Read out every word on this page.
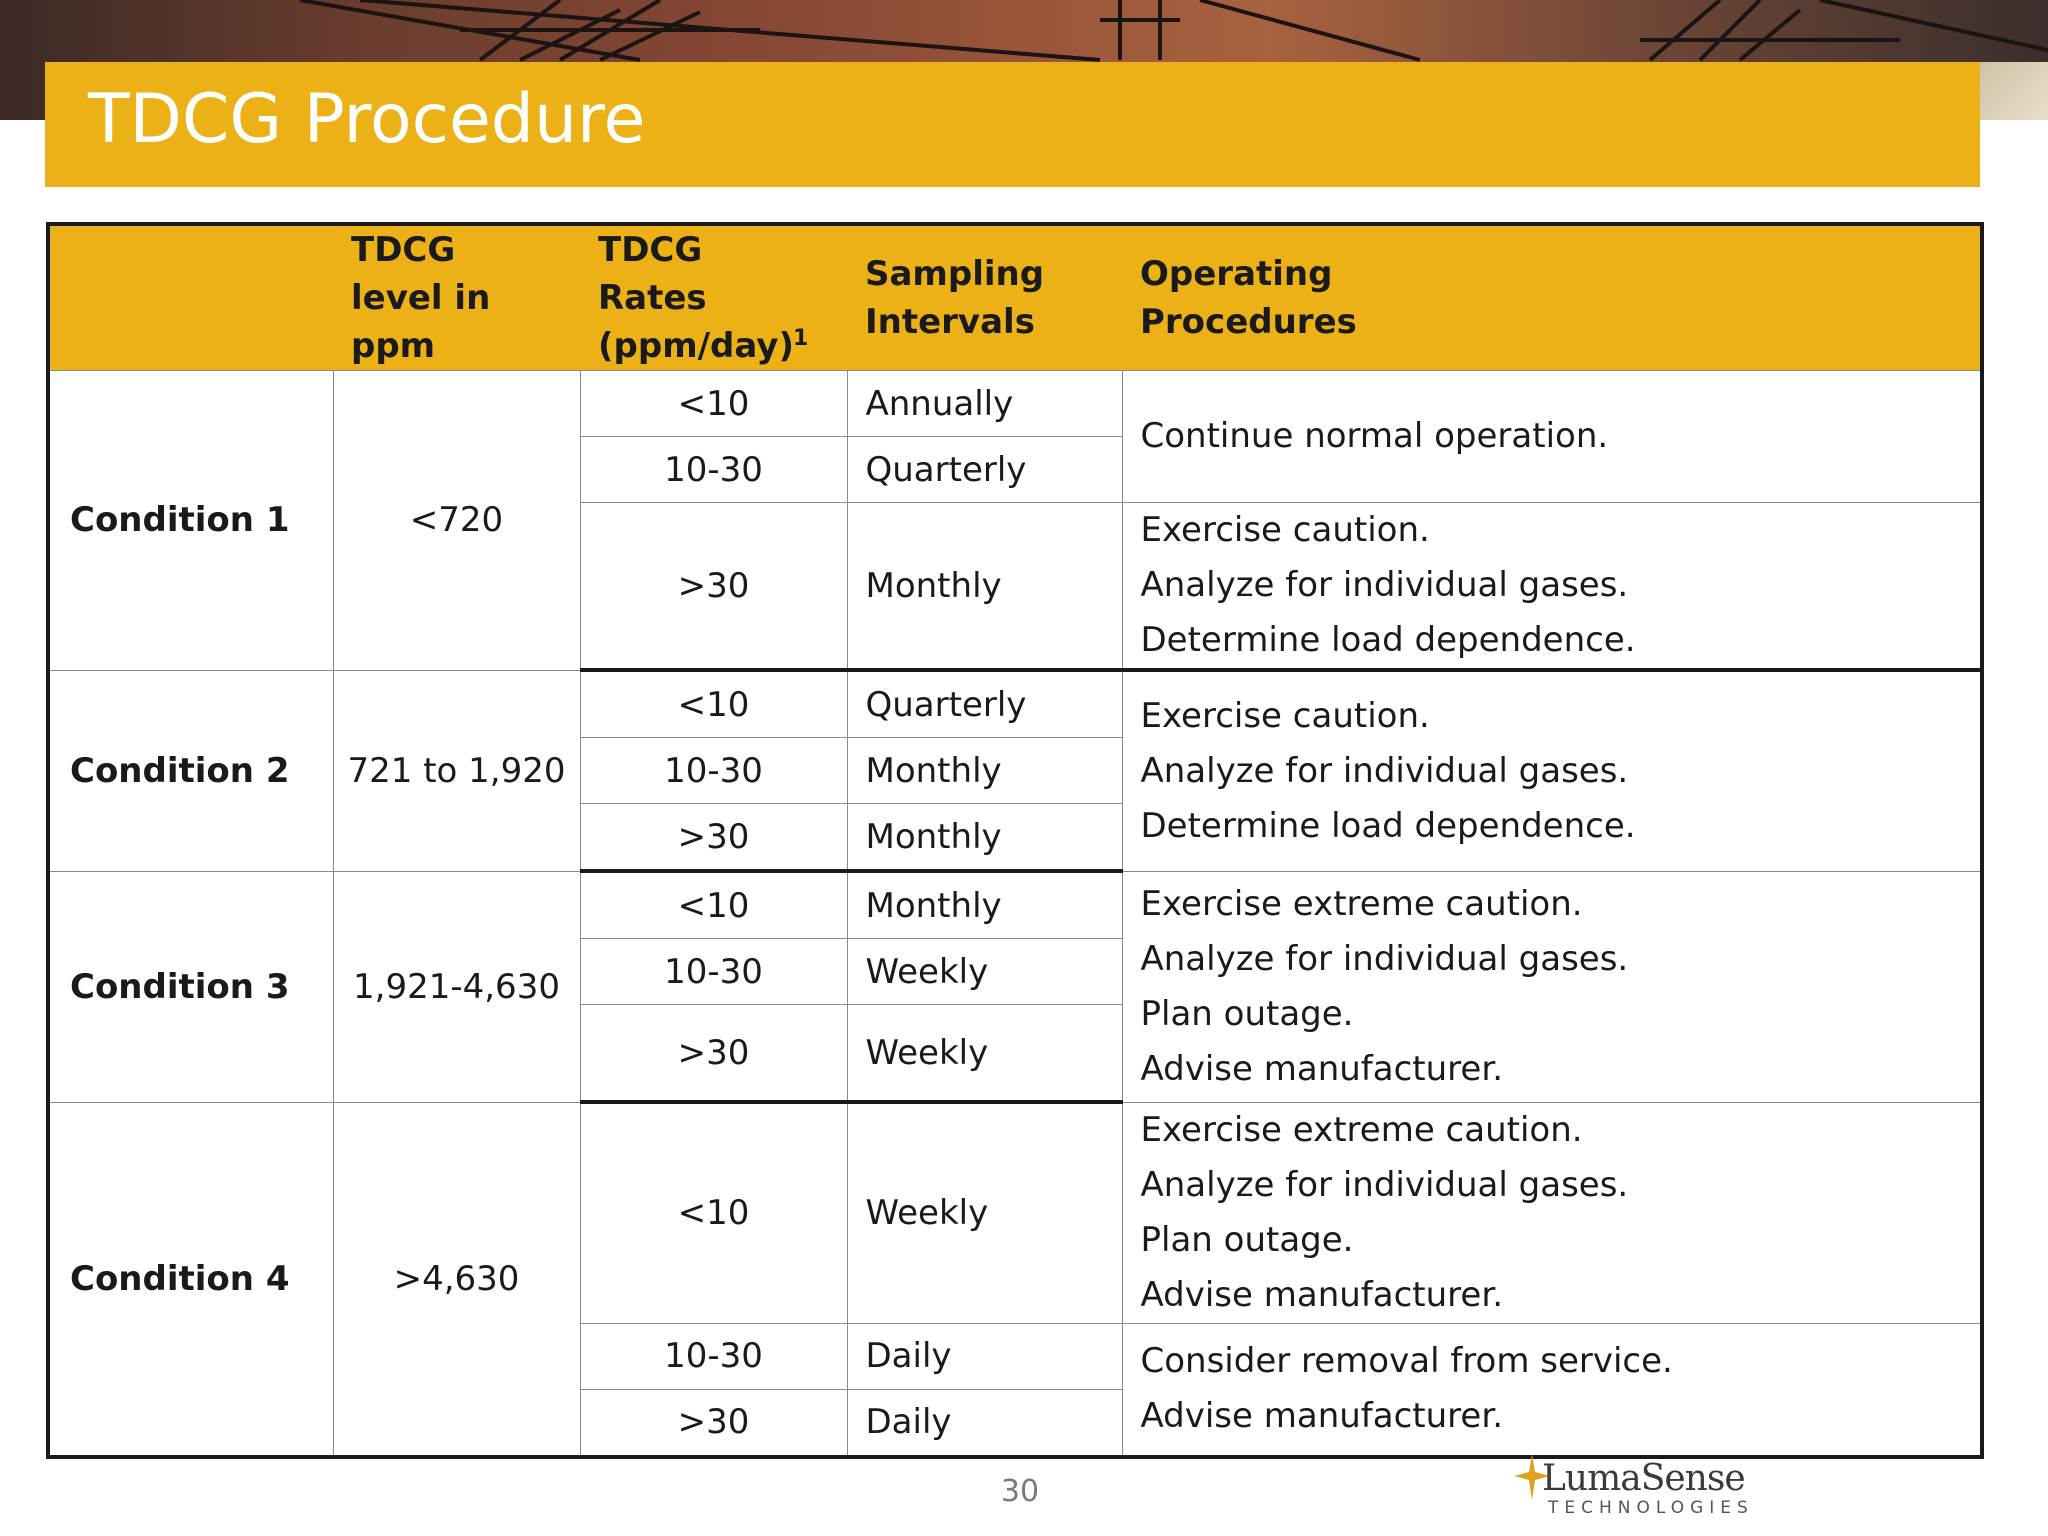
TDCG Procedure
	TDCG level in ppm	TDCG Rates $(ppm/day)^1$	Sampling Intervals	Operating Procedures
Condition 1	<720	<10	Annually	Continue normal operation.

		10-30	Quarterly	
		>30	Monthly	Exercise caution.
Analyze for individual gases.
Determine load dependence.

Condition 2	721 to 1,920	<10	Quarterly	Exercise caution.
Analyze for individual gases.
Determine load dependence.

		10-30	Monthly	
		>30	Monthly	
Condition 3	1,921-4,630	<10	Monthly	Exercise extreme caution.
Analyze for individual gases.
Plan outage.
Advise manufacturer.

		10-30	Weekly	
		>30	Weekly	
Condition 4	>4,630	<10	Weekly	Exercise extreme caution.
Analyze for individual gases.
Plan outage.
Advise manufacturer.

		10-30	Daily	Consider removal from service.
Advise manufacturer.

		>30	Daily	
30	LumaSense
TECHNOLOGIES
